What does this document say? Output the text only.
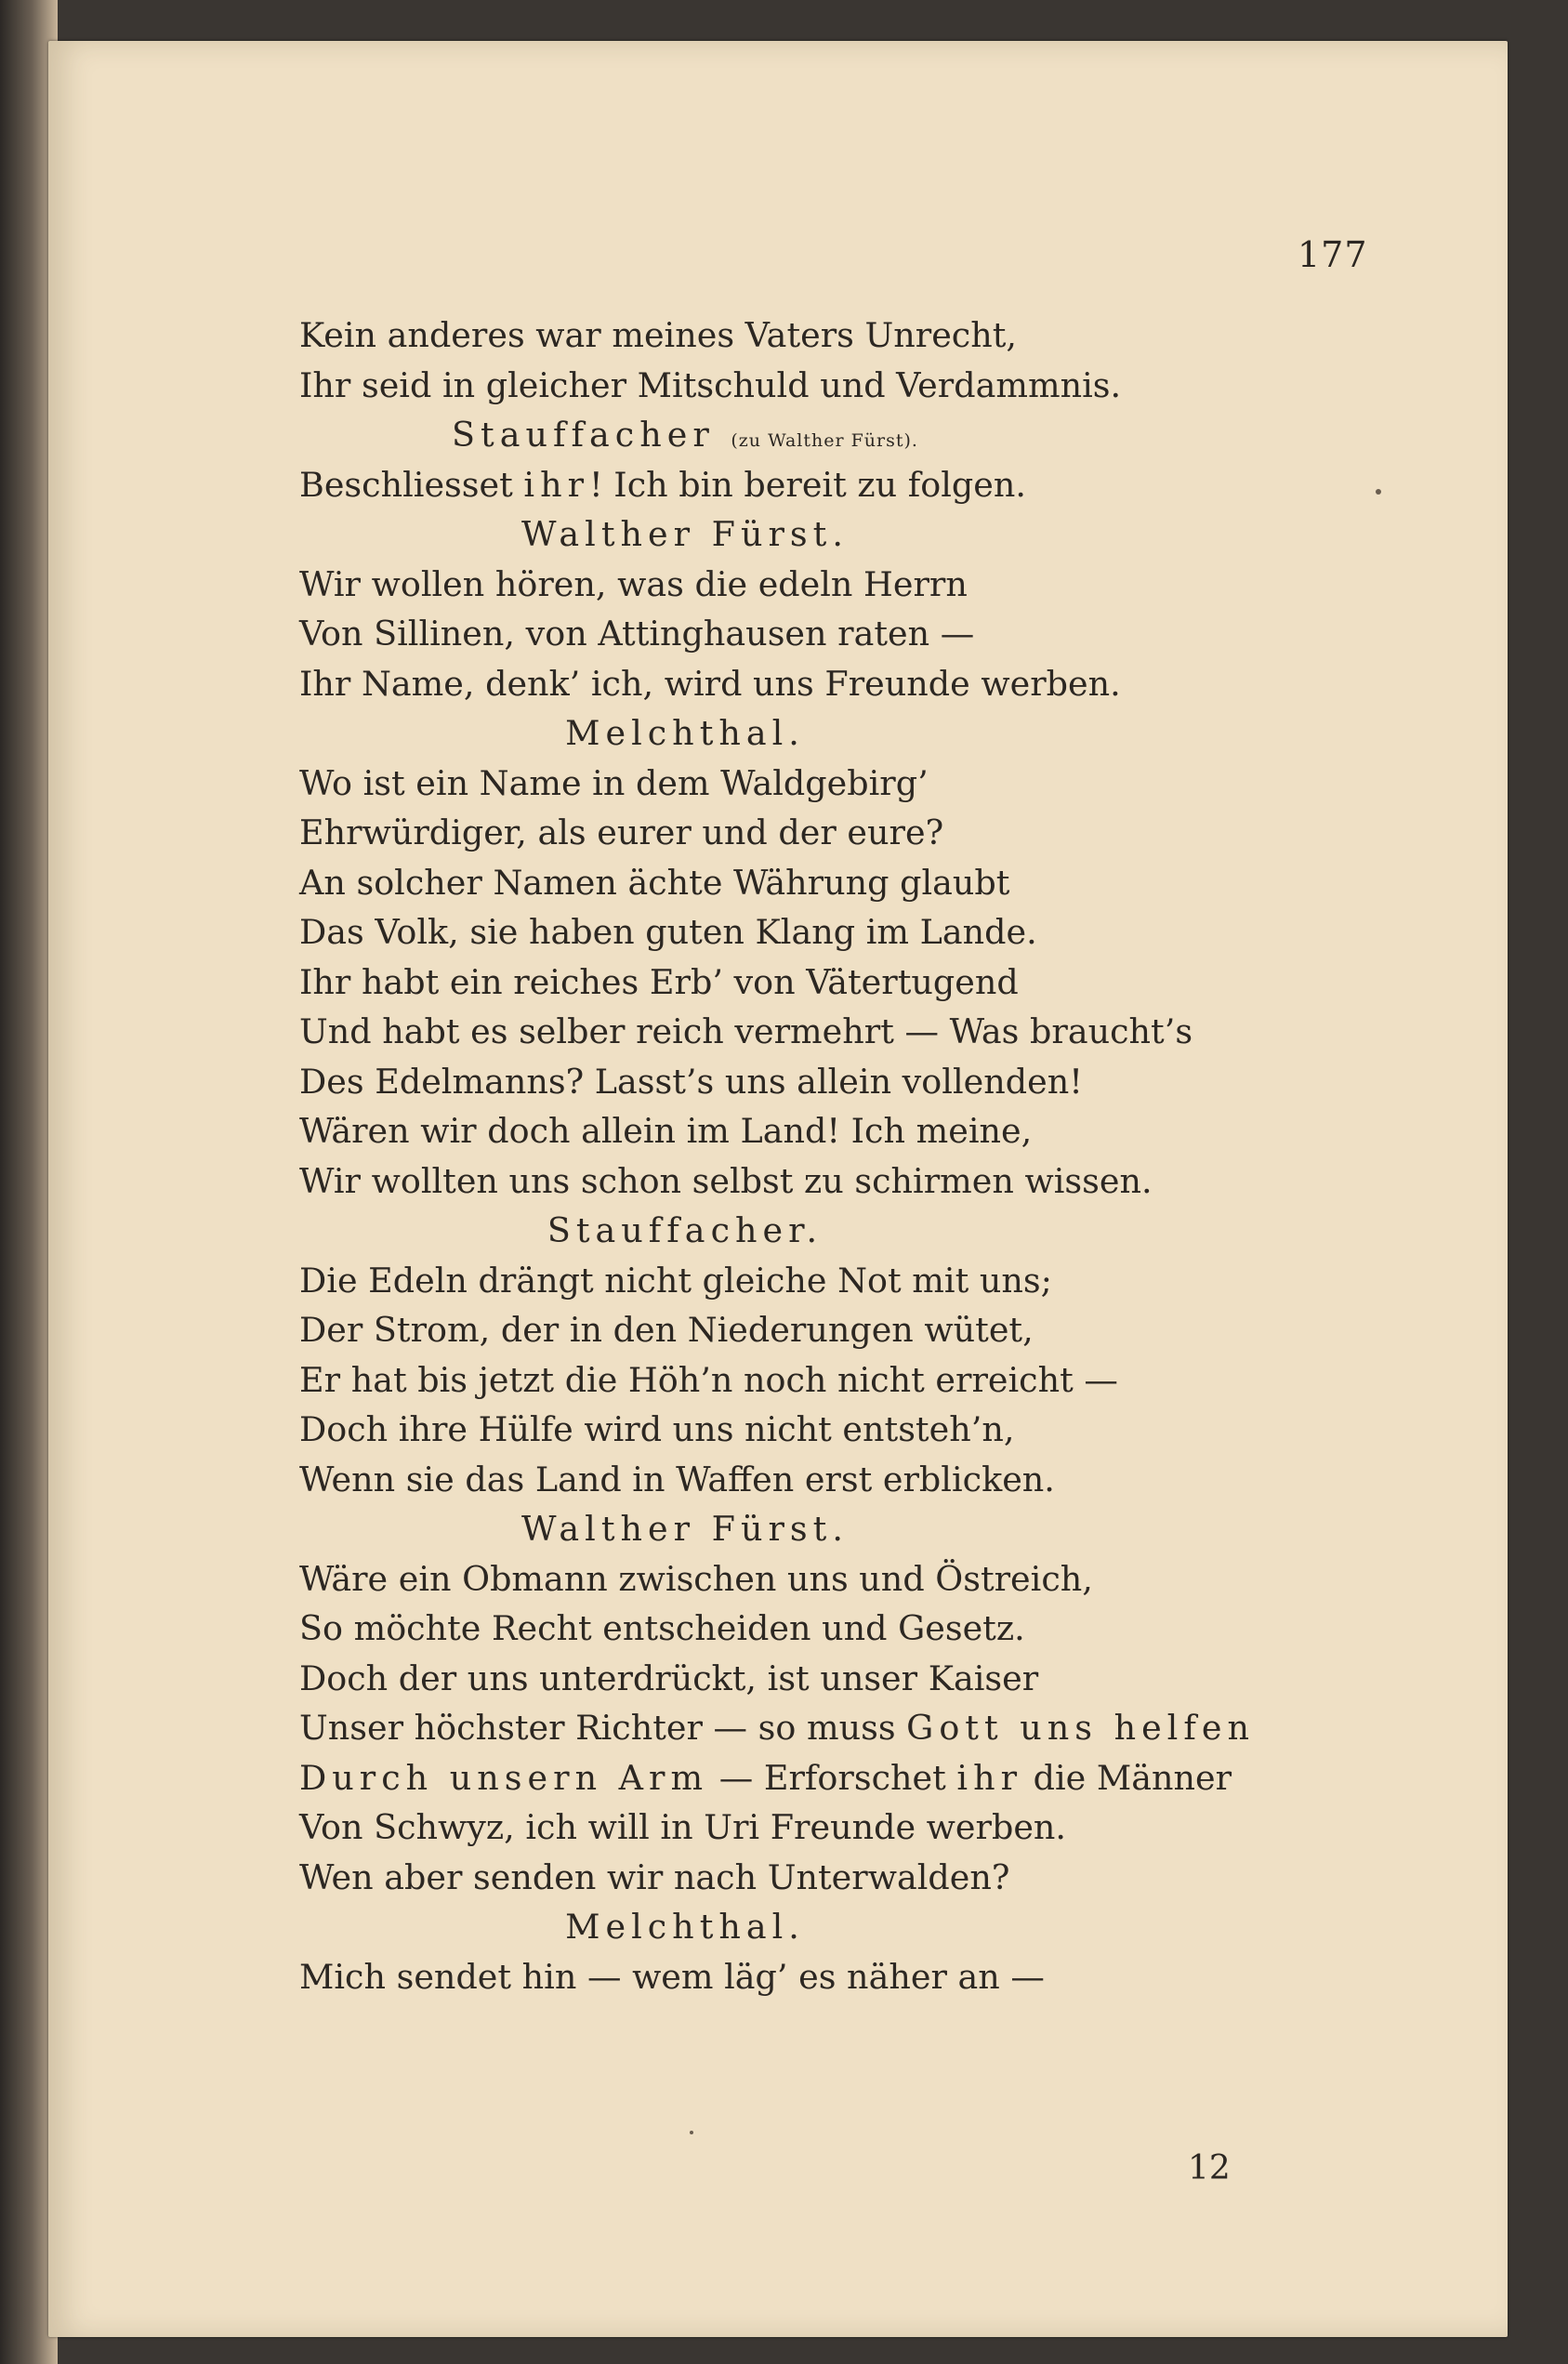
177
Kein anderes war meines Vaters Unrecht,
Ihr seid in gleicher Mitschuld und Verdammnis.
Stauffacher (zu Walther Fürst).
Beschliesset ihr! Ich bin bereit zu folgen.
Walther Fürst.
Wir wollen hören, was die edeln Herrn
Von Sillinen, von Attinghausen raten —
Ihr Name, denk’ ich, wird uns Freunde werben.
Melchthal.
Wo ist ein Name in dem Waldgebirg’
Ehrwürdiger, als eurer und der eure?
An solcher Namen ächte Währung glaubt
Das Volk, sie haben guten Klang im Lande.
Ihr habt ein reiches Erb’ von Vätertugend
Und habt es selber reich vermehrt — Was braucht’s
Des Edelmanns? Lasst’s uns allein vollenden!
Wären wir doch allein im Land! Ich meine,
Wir wollten uns schon selbst zu schirmen wissen.
Stauffacher.
Die Edeln drängt nicht gleiche Not mit uns;
Der Strom, der in den Niederungen wütet,
Er hat bis jetzt die Höh’n noch nicht erreicht —
Doch ihre Hülfe wird uns nicht entsteh’n,
Wenn sie das Land in Waffen erst erblicken.
Walther Fürst.
Wäre ein Obmann zwischen uns und Östreich,
So möchte Recht entscheiden und Gesetz.
Doch der uns unterdrückt, ist unser Kaiser
Unser höchster Richter — so muss Gott uns helfen
Durch unsern Arm — Erforschet ihr die Männer
Von Schwyz, ich will in Uri Freunde werben.
Wen aber senden wir nach Unterwalden?
Melchthal.
Mich sendet hin — wem läg’ es näher an —
12
